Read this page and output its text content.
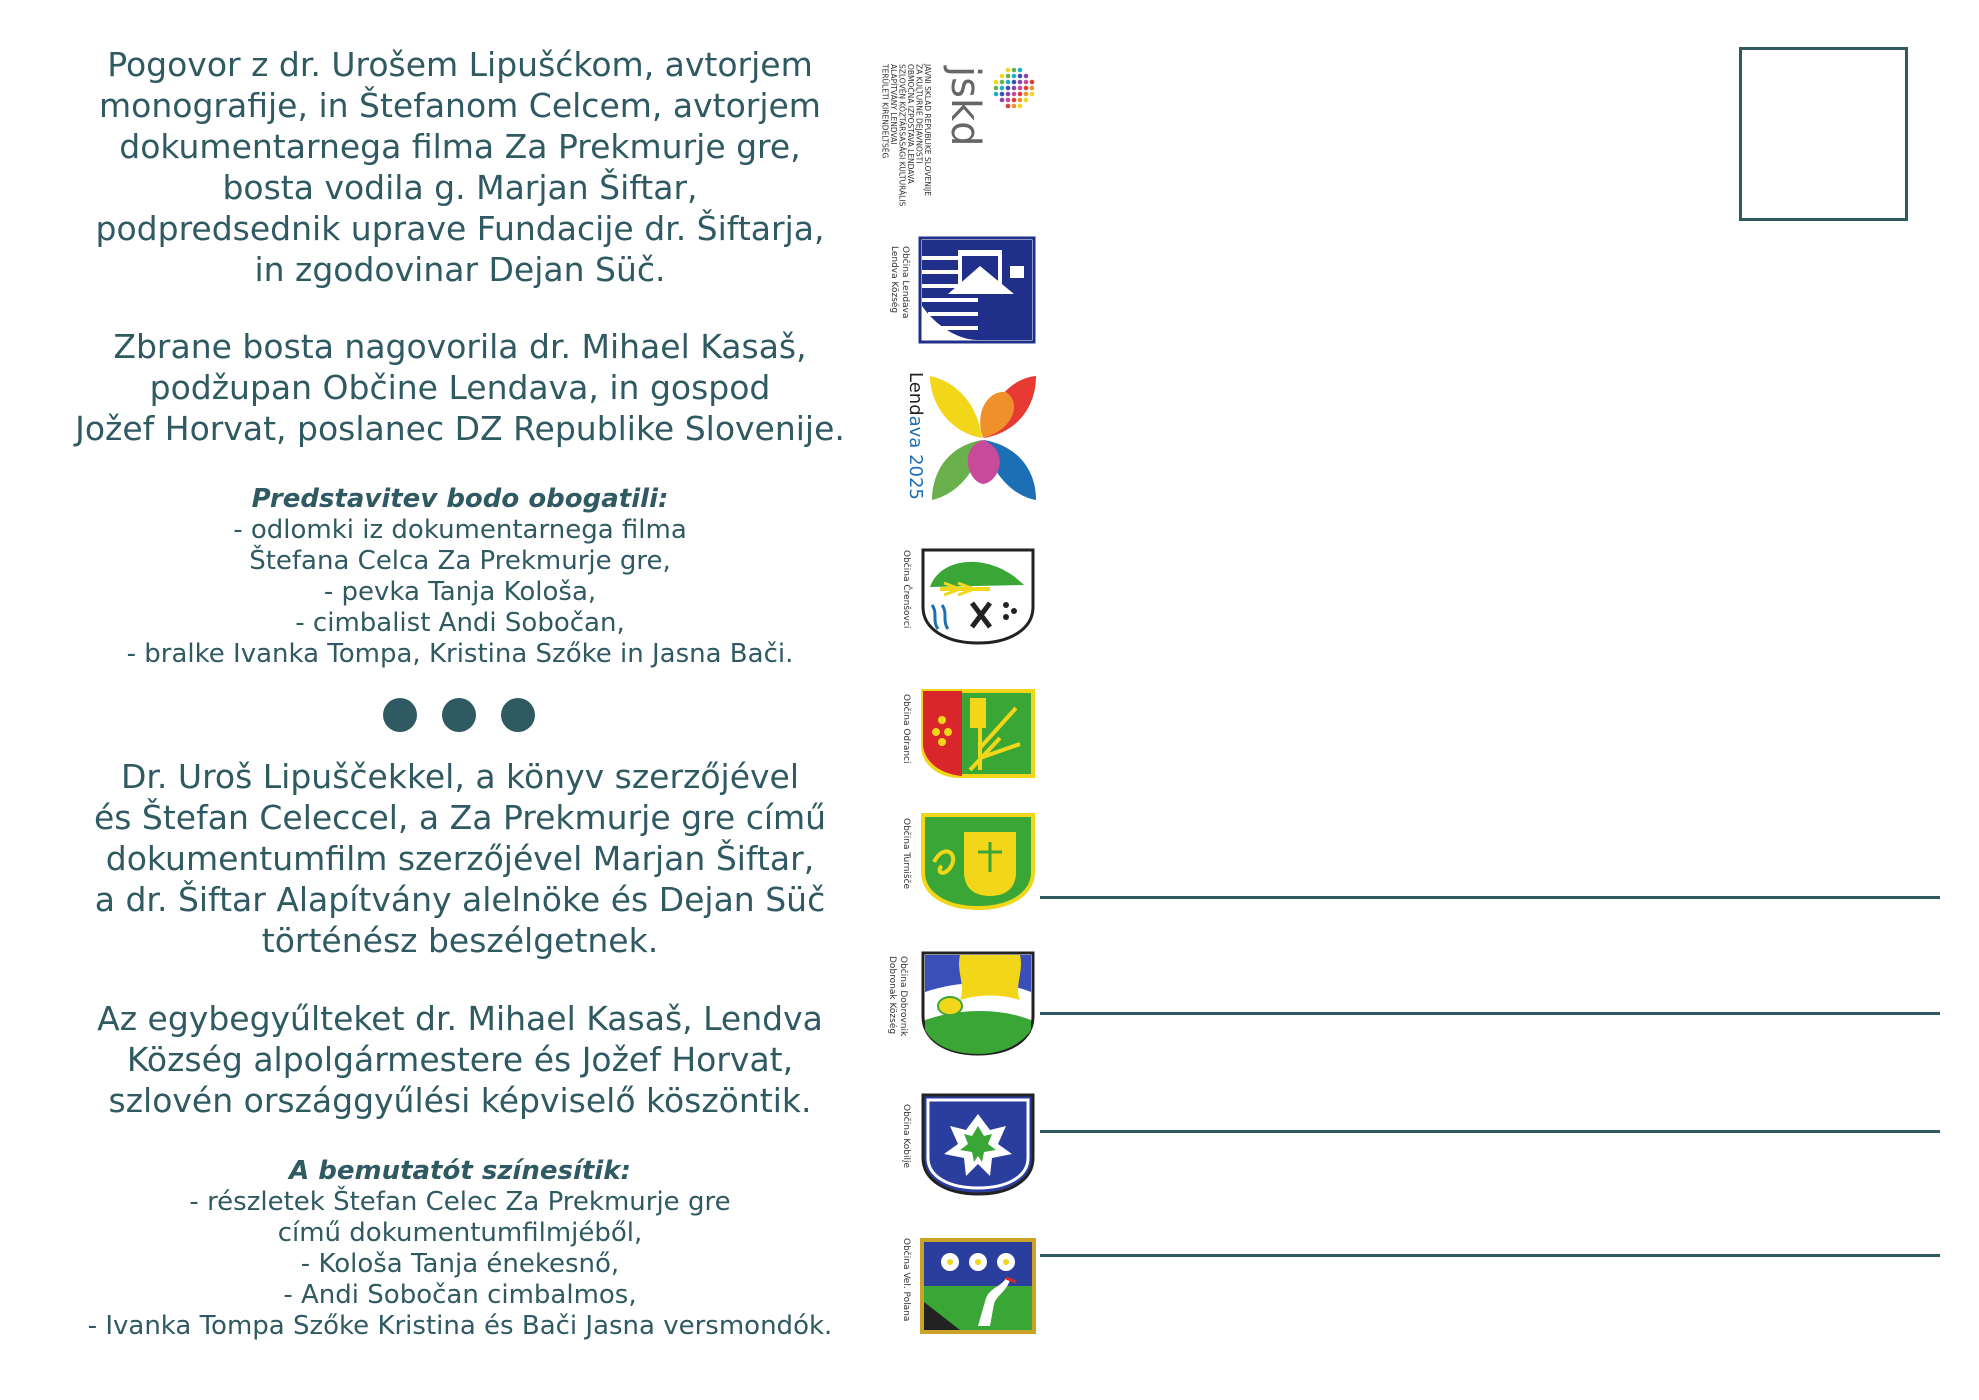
Pogovor z dr. Urošem Lipušćkom, avtorjem

monografije, in Štefanom Celcem, avtorjem

dokumentarnega filma Za Prekmurje gre,

bosta vodila g. Marjan Šiftar,

podpredsednik uprave Fundacije dr. Šiftarja,

in zgodovinar Dejan Süč.

Zbrane bosta nagovorila dr. Mihael Kasaš,

podžupan Občine Lendava, in gospod

Jožef Horvat, poslanec DZ Republike Slovenije.

Predstavitev bodo obogatili:

- odlomki iz dokumentarnega filma

Štefana Celca Za Prekmurje gre,

- pevka Tanja Kološa,

- cimbalist Andi Sobočan,

- bralke Ivanka Tompa, Kristina Szőke in Jasna Bači.

Dr. Uroš Lipuščekkel, a könyv szerzőjével

és Štefan Celeccel, a Za Prekmurje gre című

dokumentumfilm szerzőjével Marjan Šiftar,

a dr. Šiftar Alapítvány alelnöke és Dejan Süč

történész beszélgetnek.

Az egybegyűlteket dr. Mihael Kasaš, Lendva

Község alpolgármestere és Jožef Horvat,

szlovén országgyűlési képviselő köszöntik.

A bemutatót színesítik:

- részletek Štefan Celec Za Prekmurje gre

című dokumentumfilmjéből,

- Kološa Tanja énekesnő,

- Andi Sobočan cimbalmos,

- Ivanka Tompa Szőke Kristina és Bači Jasna versmondók.

JAVNI SKLAD REPUBLIKE SLOVENIJE
ZA KULTURNE DEJAVNOSTI
OBMOČNA IZPOSTAVA LENDAVA
SZLOVÉN KÖZTÁRSASÁGI KULTURÁLIS
ALAPÍTVÁNY LENDVAI
TERÜLETI KIRENDELTSÉG	jskd
Občina Lendava
Lendva Község
Lendava 2025
Občina Črenšovci
Občina Odranci
Občina Turnišče
Občina Dobrovnik
Dobronak Község
Občina Kobilje
Občina Vel. Polana
